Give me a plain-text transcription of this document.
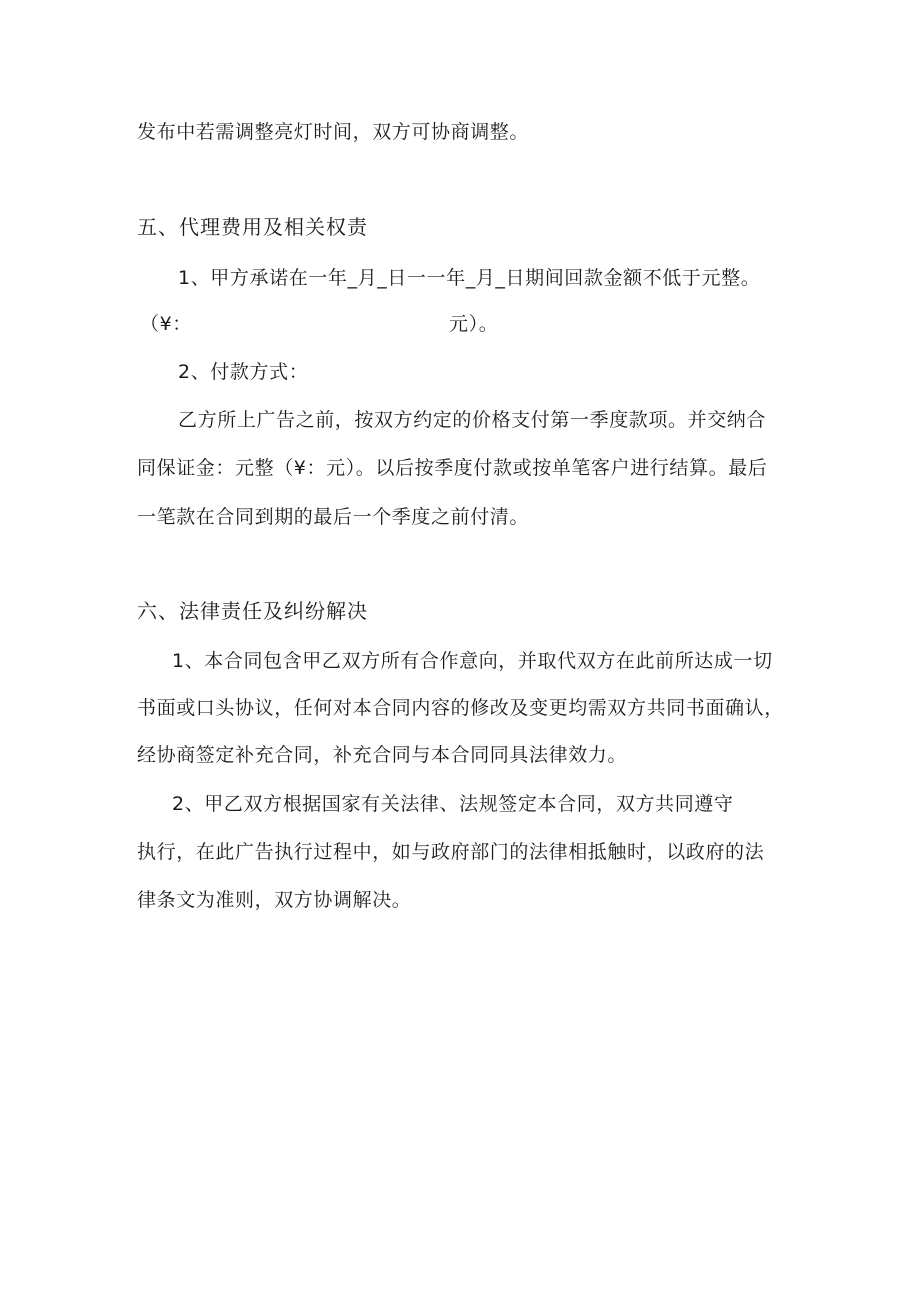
发布中若需调整亮灯时间，双方可协商调整。
五、代理费用及相关权责
1、甲方承诺在一年_月_日一一年_月_日期间回款金额不低于元整。
（¥：	元）。
2、付款方式：
乙方所上广告之前，按双方约定的价格支付第一季度款项。并交纳合
同保证金：元整（¥：元）。以后按季度付款或按单笔客户进行结算。最后
一笔款在合同到期的最后一个季度之前付清。
六、法律责任及纠纷解决
1、本合同包含甲乙双方所有合作意向，并取代双方在此前所达成一切
书面或口头协议，任何对本合同内容的修改及变更均需双方共同书面确认，
经协商签定补充合同，补充合同与本合同同具法律效力。
2、甲乙双方根据国家有关法律、法规签定本合同，双方共同遵守
执行，在此广告执行过程中，如与政府部门的法律相抵触时，以政府的法
律条文为准则，双方协调解决。
